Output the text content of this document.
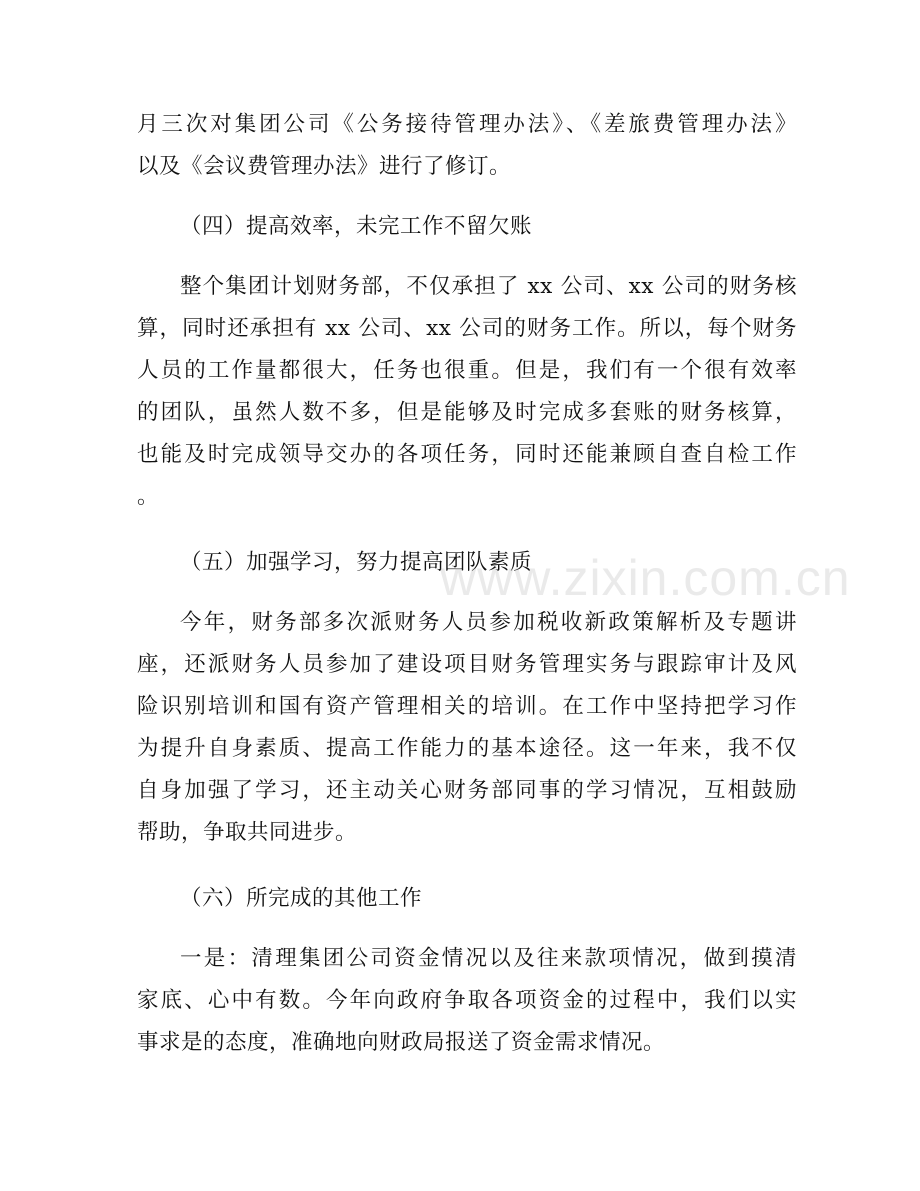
月三次对集团公司《公务接待管理办法》、《差旅费管理办法》
以及《会议费管理办法》进行了修订。
（四）提高效率，未完工作不留欠账
整个集团计划财务部，不仅承担了 xx 公司、xx 公司的财务核
算，同时还承担有 xx 公司、xx 公司的财务工作。所以，每个财务
人员的工作量都很大，任务也很重。但是，我们有一个很有效率
的团队，虽然人数不多，但是能够及时完成多套账的财务核算，
也能及时完成领导交办的各项任务，同时还能兼顾自查自检工作
。
（五）加强学习，努力提高团队素质
今年，财务部多次派财务人员参加税收新政策解析及专题讲
座，还派财务人员参加了建设项目财务管理实务与跟踪审计及风
险识别培训和国有资产管理相关的培训。在工作中坚持把学习作
为提升自身素质、提高工作能力的基本途径。这一年来，我不仅
自身加强了学习，还主动关心财务部同事的学习情况，互相鼓励
帮助，争取共同进步。
（六）所完成的其他工作
一是：清理集团公司资金情况以及往来款项情况，做到摸清
家底、心中有数。今年向政府争取各项资金的过程中，我们以实
事求是的态度，准确地向财政局报送了资金需求情况。
www.zixin.com.cn
